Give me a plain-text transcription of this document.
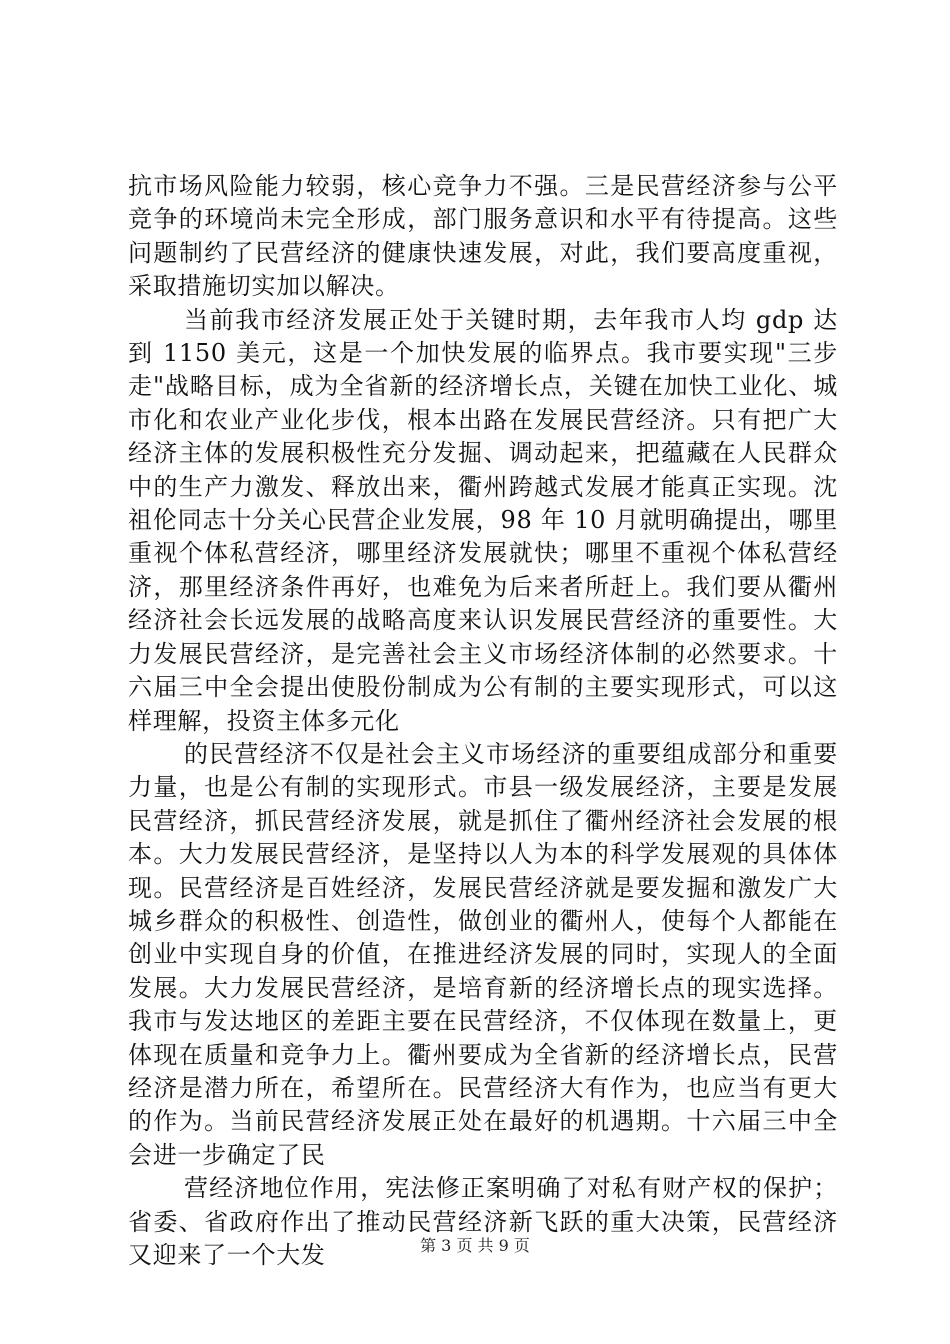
抗市场风险能力较弱，核心竞争力不强。三是民营经济参与公平竞争的环境尚未完全形成，部门服务意识和水平有待提高。这些问题制约了民营经济的健康快速发展，对此，我们要高度重视，采取措施切实加以解决。

当前我市经济发展正处于关键时期，去年我市人均 gdp 达到 1150 美元，这是一个加快发展的临界点。我市要实现"三步走"战略目标，成为全省新的经济增长点，关键在加快工业化、城市化和农业产业化步伐，根本出路在发展民营经济。只有把广大经济主体的发展积极性充分发掘、调动起来，把蕴藏在人民群众中的生产力激发、释放出来，衢州跨越式发展才能真正实现。沈祖伦同志十分关心民营企业发展，98 年 10 月就明确提出，哪里重视个体私营经济，哪里经济发展就快；哪里不重视个体私营经济，那里经济条件再好，也难免为后来者所赶上。我们要从衢州经济社会长远发展的战略高度来认识发展民营经济的重要性。大力发展民营经济，是完善社会主义市场经济体制的必然要求。十六届三中全会提出使股份制成为公有制的主要实现形式，可以这样理解，投资主体多元化

的民营经济不仅是社会主义市场经济的重要组成部分和重要力量，也是公有制的实现形式。市县一级发展经济，主要是发展民营经济，抓民营经济发展，就是抓住了衢州经济社会发展的根本。大力发展民营经济，是坚持以人为本的科学发展观的具体体现。民营经济是百姓经济，发展民营经济就是要发掘和激发广大城乡群众的积极性、创造性，做创业的衢州人，使每个人都能在创业中实现自身的价值，在推进经济发展的同时，实现人的全面发展。大力发展民营经济，是培育新的经济增长点的现实选择。我市与发达地区的差距主要在民营经济，不仅体现在数量上，更体现在质量和竞争力上。衢州要成为全省新的经济增长点，民营经济是潜力所在，希望所在。民营经济大有作为，也应当有更大的作为。当前民营经济发展正处在最好的机遇期。十六届三中全会进一步确定了民

营经济地位作用，宪法修正案明确了对私有财产权的保护；省委、省政府作出了推动民营经济新飞跃的重大决策，民营经济又迎来了一个大发	第 3 页 共 9 页
